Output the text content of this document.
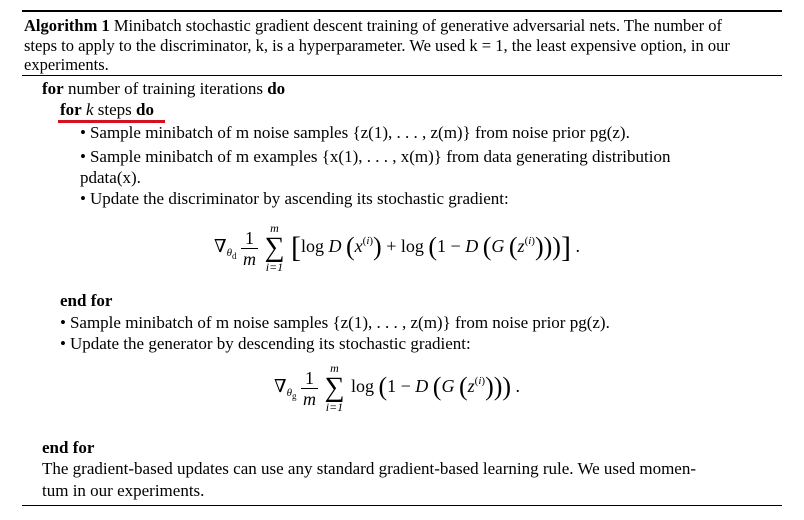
Algorithm 1 Minibatch stochastic gradient descent training of generative adversarial nets. The number of
steps to apply to the discriminator, k, is a hyperparameter. We used k = 1, the least expensive option, in our
experiments.
for number of training iterations do
for k steps do
• Sample minibatch of m noise samples {z(1), . . . , z(m)} from noise prior pg(z).
• Sample minibatch of m examples {x(1), . . . , x(m)} from data generating distribution
pdata(x).
• Update the discriminator by ascending its stochastic gradient:
$\nabla_{\theta_d} \frac{1}{m}$
	m
∑
i=1
[log D $(x^{(i)}) + \log (1 - D$ (G $(z^{(i)})$))] .
end for
• Sample minibatch of m noise samples {z(1), . . . , z(m)} from noise prior pg(z).
• Update the generator by descending its stochastic gradient:
$\nabla_{\theta_g} \frac{1}{m}$
	m
∑
i=1
log (1 − D (G $(z^{(i)})$)) .
end for
The gradient-based updates can use any standard gradient-based learning rule. We used momen-
tum in our experiments.
